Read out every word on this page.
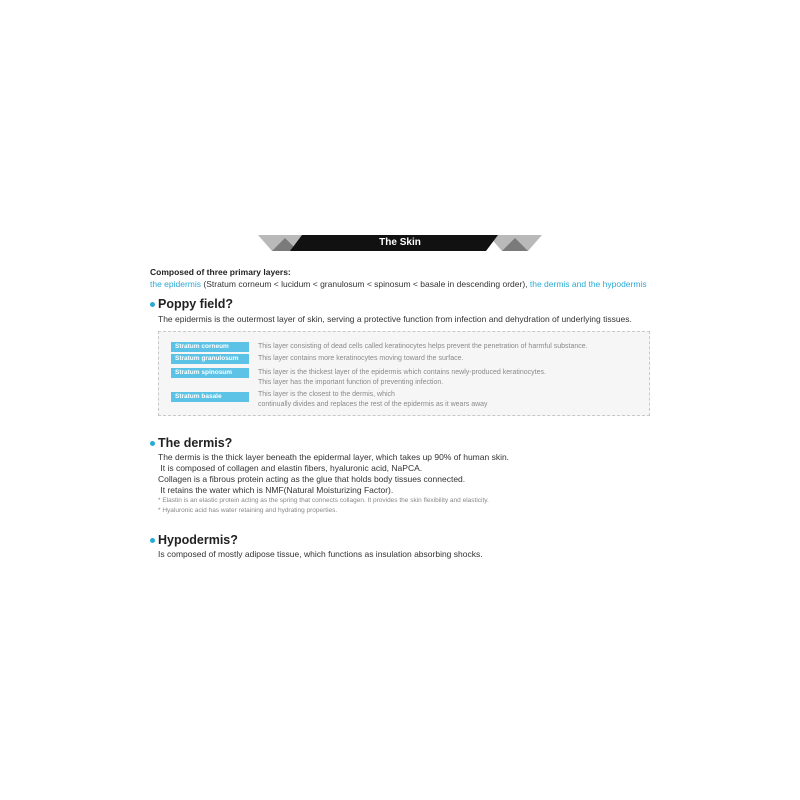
The Skin
Composed of three primary layers:
the epidermis (Stratum corneum < lucidum < granulosum < spinosum < basale in descending order), the dermis and the hypodermis
Poppy field?
The epidermis is the outermost layer of skin, serving a protective function from infection and dehydration of underlying tissues.
Stratum corneum	This layer consisting of dead cells called keratinocytes helps prevent the penetration of harmful substance.
Stratum granulosum	This layer contains more keratinocytes moving toward the surface.
Stratum spinosum	This layer is the thickest layer of the epidermis which contains newly-produced keratinocytes.
This layer has the important function of preventing infection.
Stratum basale	This layer is the closest to the dermis, which
continually divides and replaces the rest of the epidermis as it wears away
The dermis?
The dermis is the thick layer beneath the epidermal layer, which takes up 90% of human skin.
It is composed of collagen and elastin fibers, hyaluronic acid, NaPCA.
Collagen is a fibrous protein acting as the glue that holds body tissues connected.
It retains the water which is NMF(Natural Moisturizing Factor).
* Elastin is an elastic protein acting as the spring that connects collagen. It provides the skin flexibility and elasticity.
* Hyaluronic acid has water retaining and hydrating properties.
Hypodermis?
Is composed of mostly adipose tissue, which functions as insulation absorbing shocks.
